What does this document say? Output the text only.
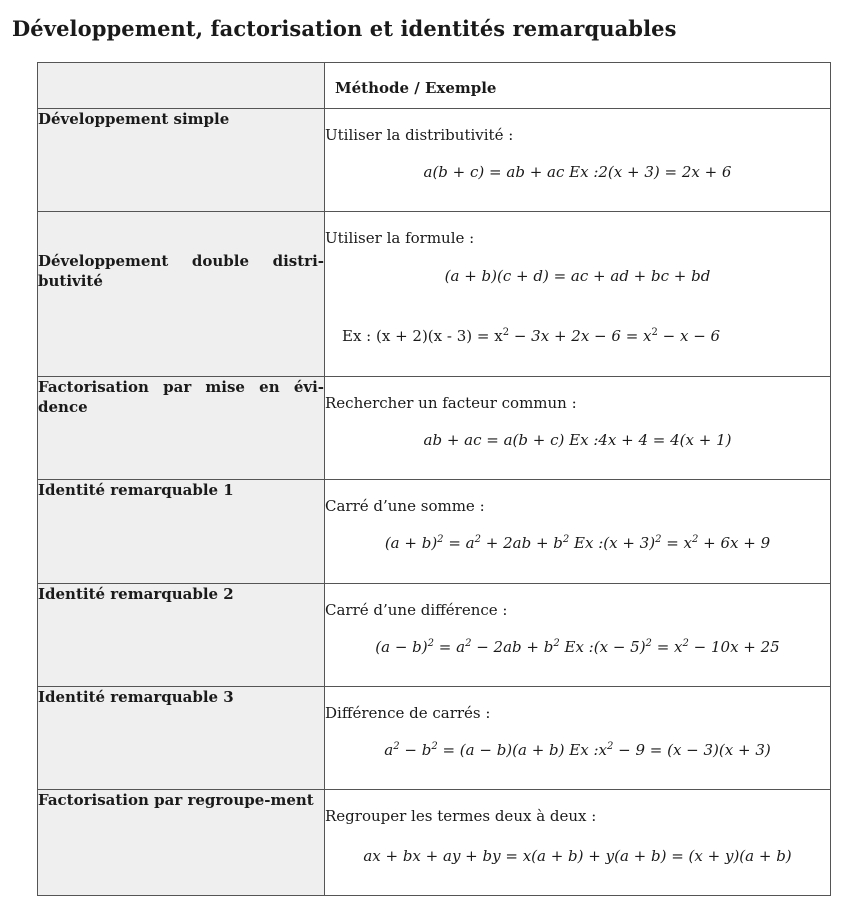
Développement, factorisation et identités remarquables

	Méthode / Exemple

Développement simple	Utiliser la distributivité :
a(b + c) = ab + ac Ex :2(x + 3) = 2x + 6

Développement double distri-butivité	Utiliser la formule :
(a + b)(c + d) = ac + ad + bc + bd
Ex : $(x + 2)(x - 3) = x^2 - 3x + 2x - 6 = x^2 - x - 6$

Factorisation par mise en évi-dence	Rechercher un facteur commun :
ab + ac = a(b + c) Ex :4x + 4 = 4(x + 1)

Identité remarquable 1	Carré d’une somme :
$(a + b)^2 = a^2 + 2ab + b^2$ Ex :(x + $3)^2 = x^2 + 6x + 9$

Identité remarquable 2	Carré d’une différence :
$(a - b)^2 = a^2 - 2ab + b^2$ Ex :(x − $5)^2 = x^2 - 10x + 25$

Identité remarquable 3	Différence de carrés :
$a^2 - b^2 = (a - b)(a + b)$ Ex $:x^2 - 9 = (x - 3)(x + 3)$

Factorisation par regroupe-ment	Regrouper les termes deux à deux :
ax + bx + ay + by = x(a + b) + y(a + b) = (x + y)(a + b)
